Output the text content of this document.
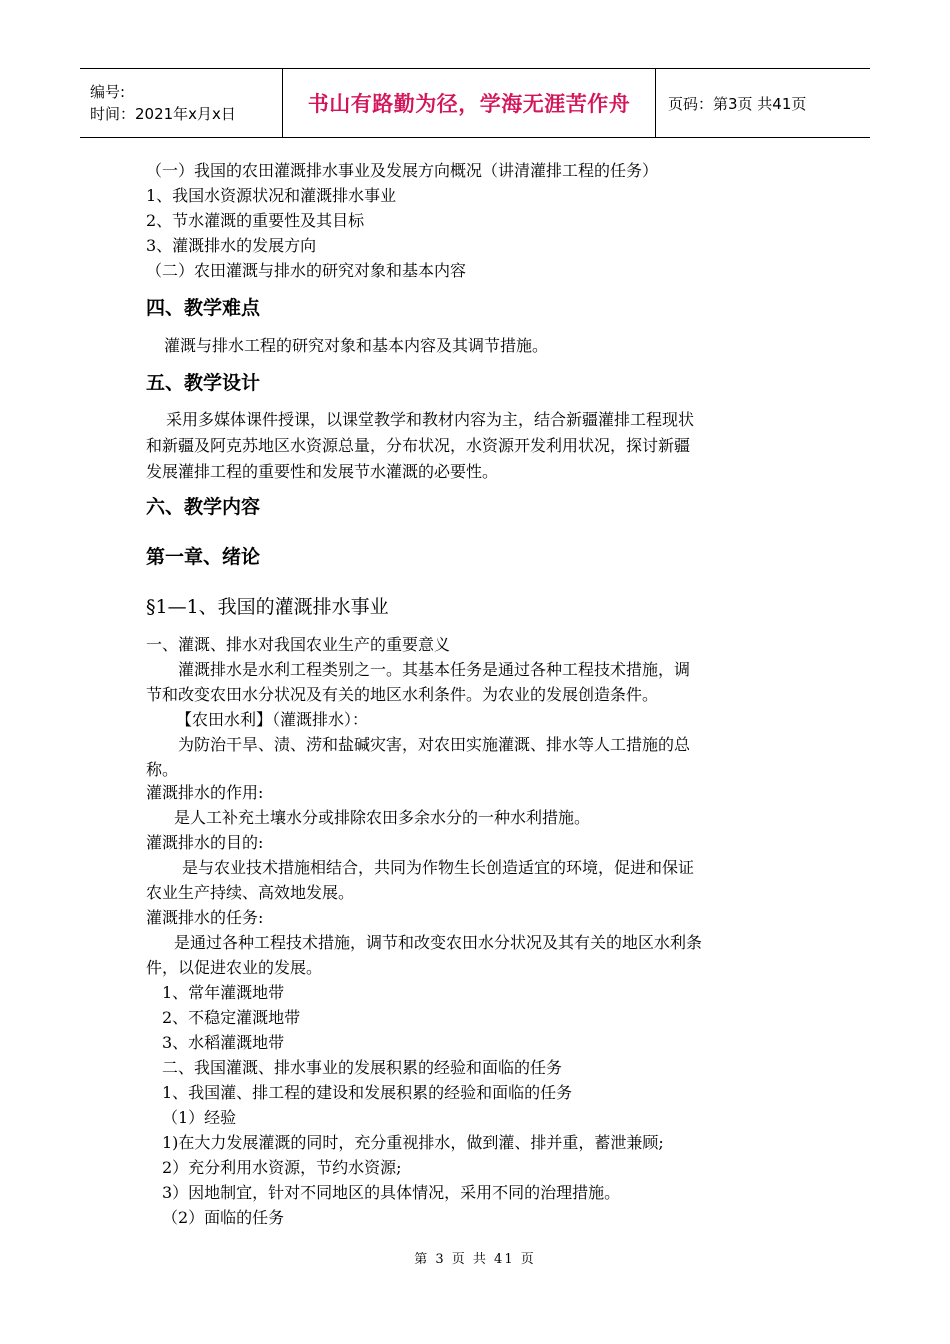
编号:
时间：2021年x月x日	书山有路勤为径，学海无涯苦作舟	页码：第3页 共41页
（一）我国的农田灌溉排水事业及发展方向概况（讲清灌排工程的任务）
1、我国水资源状况和灌溉排水事业
2、节水灌溉的重要性及其目标
3、灌溉排水的发展方向
（二）农田灌溉与排水的研究对象和基本内容
四、教学难点
灌溉与排水工程的研究对象和基本内容及其调节措施。
五、教学设计
采用多媒体课件授课，以课堂教学和教材内容为主，结合新疆灌排工程现状
和新疆及阿克苏地区水资源总量，分布状况，水资源开发利用状况，探讨新疆
发展灌排工程的重要性和发展节水灌溉的必要性。
六、教学内容
第一章、绪论
§1—1、我国的灌溉排水事业
一、灌溉、排水对我国农业生产的重要意义
灌溉排水是水利工程类别之一。其基本任务是通过各种工程技术措施，调
节和改变农田水分状况及有关的地区水利条件。为农业的发展创造条件。
【农田水利】（灌溉排水）：
为防治干旱、渍、涝和盐碱灾害，对农田实施灌溉、排水等人工措施的总
称。
灌溉排水的作用:
是人工补充土壤水分或排除农田多余水分的一种水利措施。
灌溉排水的目的:
是与农业技术措施相结合，共同为作物生长创造适宜的环境，促进和保证
农业生产持续、高效地发展。
灌溉排水的任务:
是通过各种工程技术措施，调节和改变农田水分状况及其有关的地区水利条
件，以促进农业的发展。
1、常年灌溉地带
2、不稳定灌溉地带
3、水稻灌溉地带
二、我国灌溉、排水事业的发展积累的经验和面临的任务
1、我国灌、排工程的建设和发展积累的经验和面临的任务
（1）经验
1)在大力发展灌溉的同时，充分重视排水，做到灌、排并重，蓄泄兼顾;
2）充分利用水资源，节约水资源;
3）因地制宜，针对不同地区的具体情况，采用不同的治理措施。
（2）面临的任务
第 3 页 共 41 页
